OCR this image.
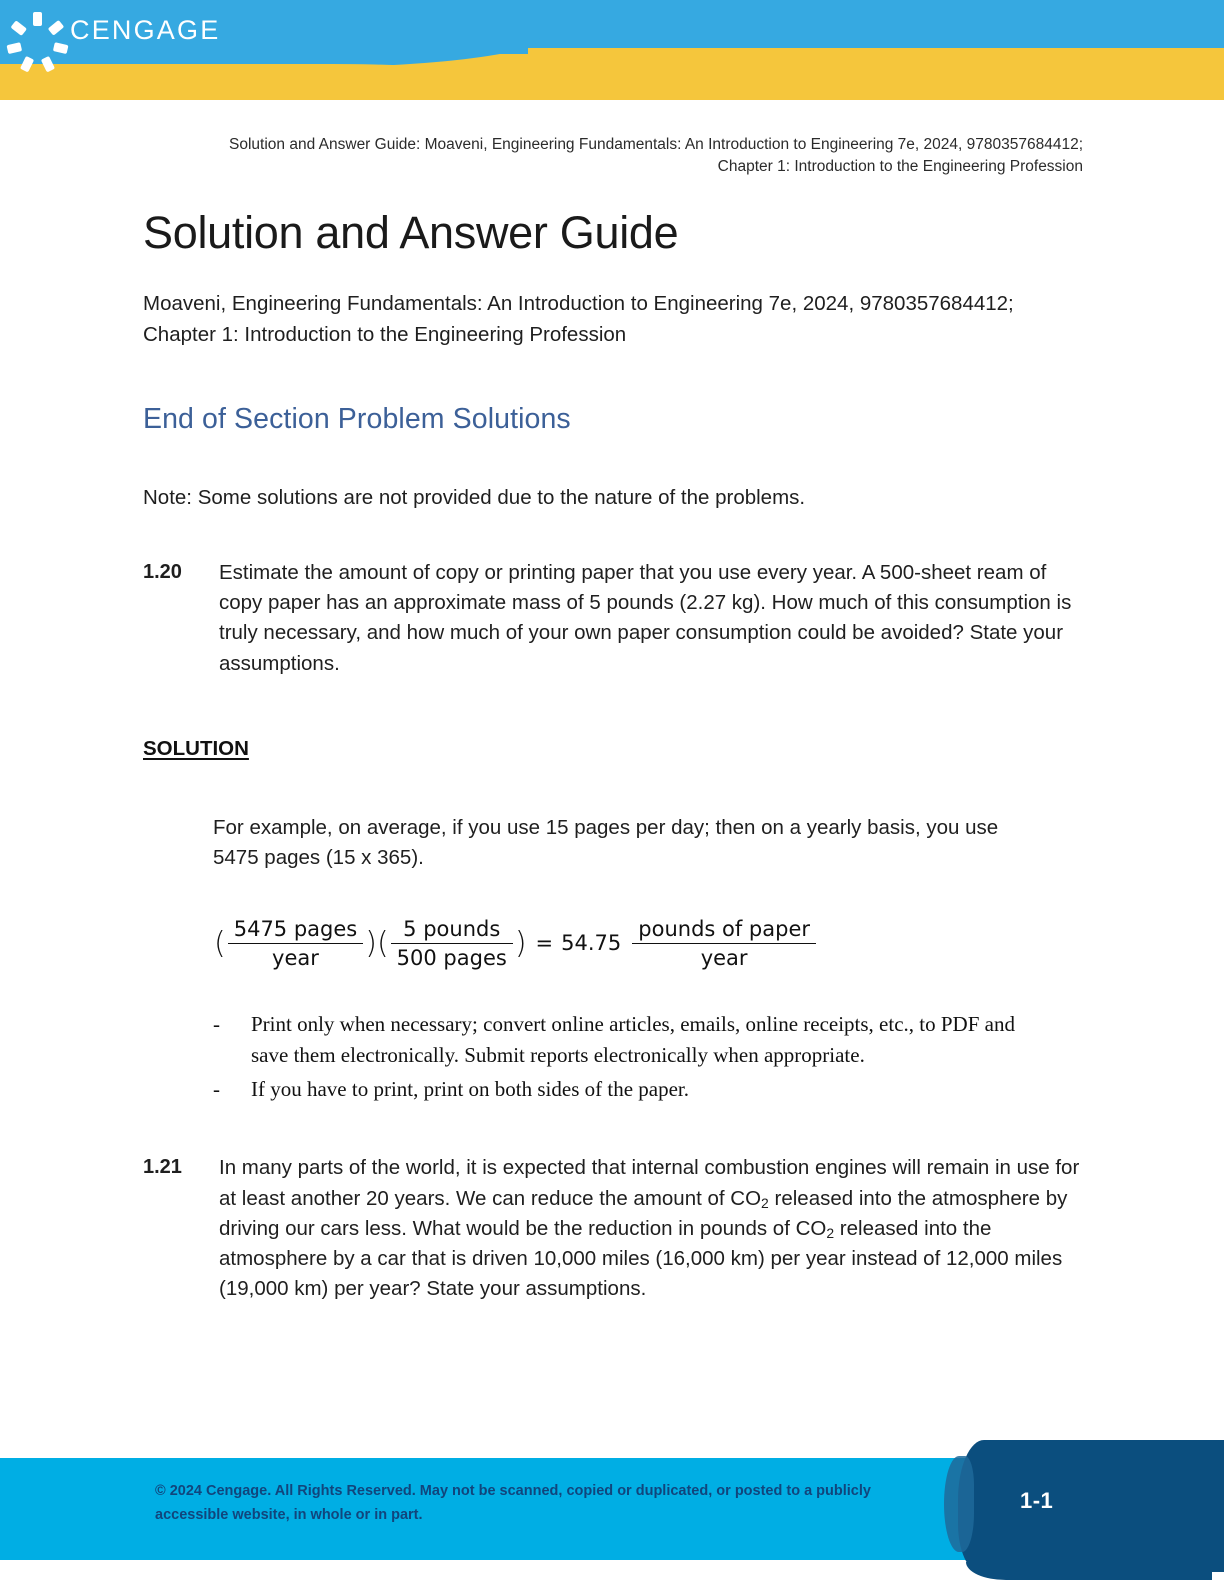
CENGAGE
Solution and Answer Guide: Moaveni, Engineering Fundamentals: An Introduction to Engineering 7e, 2024, 9780357684412;
Chapter 1: Introduction to the Engineering Profession
Solution and Answer Guide
Moaveni, Engineering Fundamentals: An Introduction to Engineering 7e, 2024, 9780357684412;
Chapter 1: Introduction to the Engineering Profession
End of Section Problem Solutions
Note: Some solutions are not provided due to the nature of the problems.
1.20	Estimate the amount of copy or printing paper that you use every year. A 500-sheet ream of copy paper has an approximate mass of 5 pounds (2.27 kg). How much of this consumption is truly necessary, and how much of your own paper consumption could be avoided? State your assumptions.
SOLUTION
For example, on average, if you use 15 pages per day; then on a yearly basis, you use 5475 pages (15 x 365).
( $\frac{\text{5475 pages}}{\text{year}}$ )( $\frac{\text{5 pounds}}{\text{500 pages}}$ ) = $54.75 \frac{\text{pounds of paper}}{\text{year}}$
-	Print only when necessary; convert online articles, emails, online receipts, etc., to PDF and save them electronically. Submit reports electronically when appropriate.
-	If you have to print, print on both sides of the paper.
1.21	In many parts of the world, it is expected that internal combustion engines will remain in use for at least another 20 years. We can reduce the amount of $CO_2$ released into the atmosphere by driving our cars less. What would be the reduction in pounds of $CO_2$ released into the atmosphere by a car that is driven 10,000 miles (16,000 km) per year instead of 12,000 miles (19,000 km) per year? State your assumptions.
© 2024 Cengage. All Rights Reserved. May not be scanned, copied or duplicated, or posted to a publicly accessible website, in whole or in part.
1-1
